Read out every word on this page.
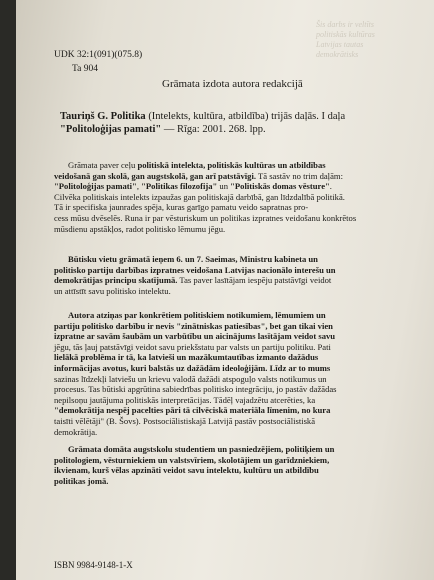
Šis darbs ir veltīts
politiskās kultūras
Latvijas tautas
demokrātisks
UDK 32:1(091)(075.8)
Ta 904
Grāmata izdota autora redakcijā
Tauriņš G. Politika (Intelekts, kultūra, atbildība) trijās daļās. I daļa
"Politoloģijas pamati" — Rīga: 2001. 268. lpp.
Grāmata paver ceļu politiskā intelekta, politiskās kultūras un atbildības
veidošanā gan skolā, gan augstskolā, gan arī patstāvīgi. Tā sastāv no trim daļām:
"Politoloģijas pamati", "Politikas filozofija" un "Politiskās domas vēsture".
Cilvēka politiskais intelekts izpaužas gan politiskajā darbībā, gan līdzdalībā politikā.
Tā ir specifiska jaunrades spēja, kuras garīgo pamatu veido sapratnas pro-
cess mūsu dvēselēs. Runa ir par vēsturiskum un politikas izpratnes veidošanu konkrētos
mūsdienu apstākļos, radot politisko lēmumu jēgu.
Būtisku vietu grāmatā ieņem 6. un 7. Saeimas, Ministru kabineta un
politisko partiju darbības izpratnes veidošana Latvijas nacionālo interešu un
demokrātijas principu skatījumā. Tas paver lasītājam iespēju patstāvīgi veidot
un attīstīt savu politisko intelektu.
Autora atziņas par konkrētiem politiskiem notikumiem, lēmumiem un
partiju politisko darbību ir nevis "zinātniskas patiesības", bet gan tikai vien
izpratne ar savām šaubām un varbūtību un aicinājums lasītājam veidot savu
jēgu, tās ļauj patstāvīgi veidot savu priekšstatu par valsts un partiju politiku. Pati
lielākā problēma ir tā, ka latvieši un mazākumtautības izmanto dažādus
informācijas avotus, kuri balstās uz dažādām ideoloģijām. Līdz ar to mums
sazinas līdzekļi latviešu un krievu valodā dažādi atspoguļo valsts notikumus un
procesus. Tas būtiski apgrūtina sabiedrības politisko integrāciju, jo pastāv dažādas
nepilsoņu jautājuma politiskās interpretācijas. Tādēļ vajadzētu atcerēties, ka
"demokrātija nespēj pacelties pāri tā cilvēciskā materiāla līmenim, no kura
taisīti vēlētāji" (B. Šovs). Postsociālistiskajā Latvijā pastāv postsociālistiskā
demokrātija.
Grāmata domāta augstskolu studentiem un pasniedzējiem, politiķiem un
politologiem, vēsturniekiem un valstsvīriem, skolotājiem un garīdzniekiem,
ikvienam, kurš vēlas apzināti veidot savu intelektu, kultūru un atbildību
politikas jomā.
ISBN 9984-9148-1-X
